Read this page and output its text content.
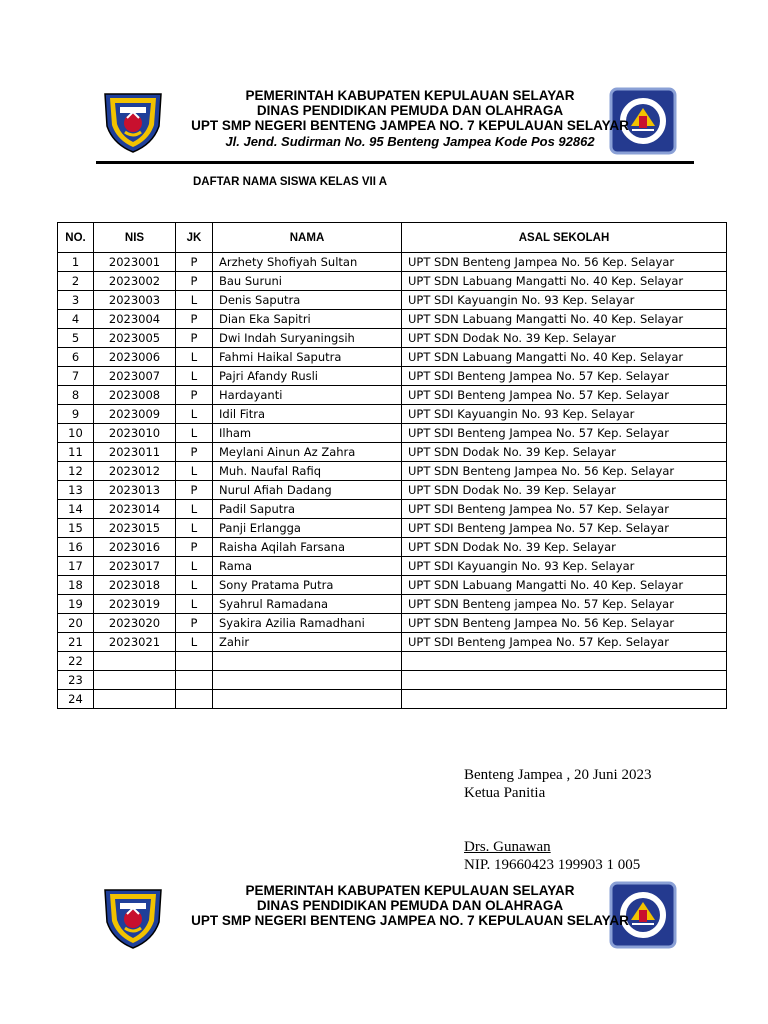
PEMERINTAH KABUPATEN KEPULAUAN SELAYAR
DINAS PENDIDIKAN PEMUDA DAN OLAHRAGA
UPT SMP NEGERI BENTENG JAMPEA NO. 7 KEPULAUAN SELAYAR
Jl. Jend. Sudirman No. 95 Benteng Jampea Kode Pos 92862
DAFTAR NAMA SISWA KELAS VII A
NO.	NIS	JK	NAMA	ASAL SEKOLAH
1	2023001	P	Arzhety Shofiyah Sultan	UPT SDN Benteng Jampea No. 56 Kep. Selayar
2	2023002	P	Bau Suruni	UPT SDN Labuang Mangatti No. 40 Kep. Selayar
3	2023003	L	Denis Saputra	UPT SDI Kayuangin No. 93 Kep. Selayar
4	2023004	P	Dian Eka Sapitri	UPT SDN Labuang Mangatti No. 40 Kep. Selayar
5	2023005	P	Dwi Indah Suryaningsih	UPT SDN Dodak No. 39 Kep. Selayar
6	2023006	L	Fahmi Haikal Saputra	UPT SDN Labuang Mangatti No. 40 Kep. Selayar
7	2023007	L	Pajri Afandy Rusli	UPT SDI Benteng Jampea No. 57 Kep. Selayar
8	2023008	P	Hardayanti	UPT SDI Benteng Jampea No. 57 Kep. Selayar
9	2023009	L	Idil Fitra	UPT SDI Kayuangin No. 93 Kep. Selayar
10	2023010	L	Ilham	UPT SDI Benteng Jampea No. 57 Kep. Selayar
11	2023011	P	Meylani Ainun Az Zahra	UPT SDN Dodak No. 39 Kep. Selayar
12	2023012	L	Muh. Naufal Rafiq	UPT SDN Benteng Jampea No. 56 Kep. Selayar
13	2023013	P	Nurul Afiah Dadang	UPT SDN Dodak No. 39 Kep. Selayar
14	2023014	L	Padil Saputra	UPT SDI Benteng Jampea No. 57 Kep. Selayar
15	2023015	L	Panji Erlangga	UPT SDI Benteng Jampea No. 57 Kep. Selayar
16	2023016	P	Raisha Aqilah Farsana	UPT SDN Dodak No. 39 Kep. Selayar
17	2023017	L	Rama	UPT SDI Kayuangin No. 93 Kep. Selayar
18	2023018	L	Sony Pratama Putra	UPT SDN Labuang Mangatti No. 40 Kep. Selayar
19	2023019	L	Syahrul Ramadana	UPT SDN Benteng jampea No. 57 Kep. Selayar
20	2023020	P	Syakira Azilia Ramadhani	UPT SDN Benteng Jampea No. 56 Kep. Selayar
21	2023021	L	Zahir	UPT SDI Benteng Jampea No. 57 Kep. Selayar
22				
23				
24				
Benteng Jampea , 20 Juni 2023
Ketua Panitia
Drs. Gunawan
NIP. 19660423 199903 1 005
PEMERINTAH KABUPATEN KEPULAUAN SELAYAR
DINAS PENDIDIKAN PEMUDA DAN OLAHRAGA
UPT SMP NEGERI BENTENG JAMPEA NO. 7 KEPULAUAN SELAYAR
